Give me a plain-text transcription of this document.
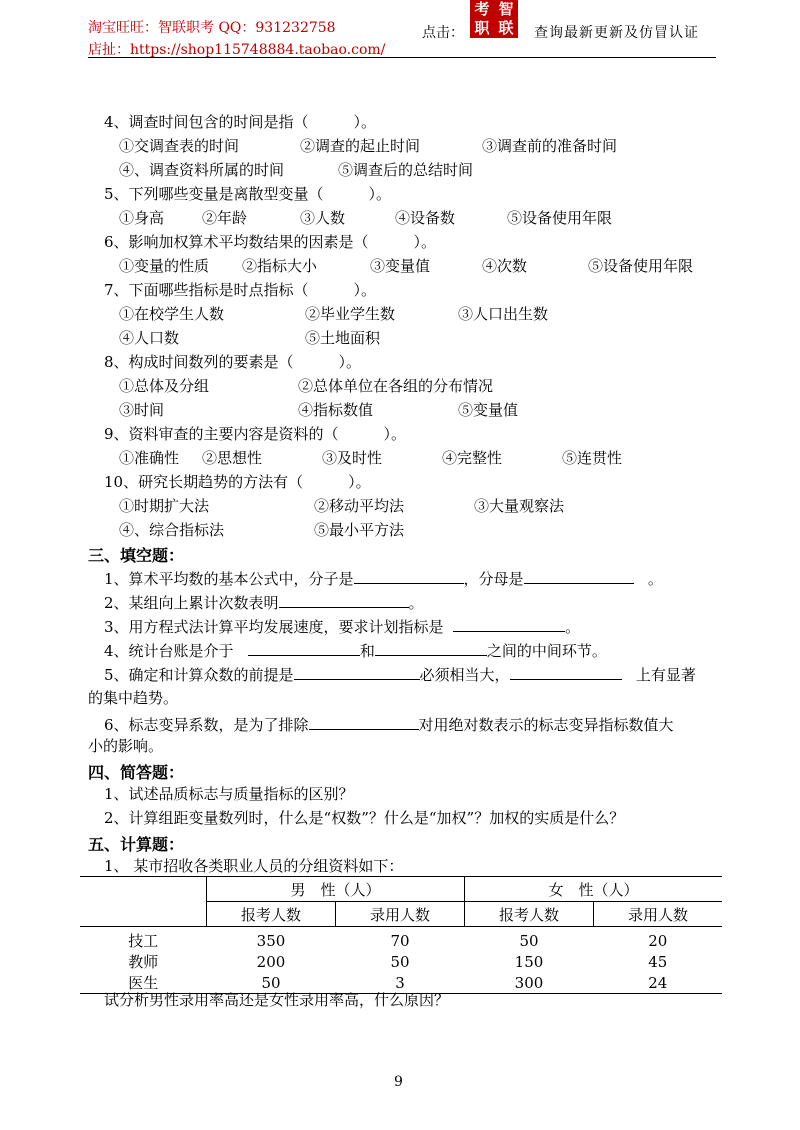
淘宝旺旺：智联职考 QQ：931232758
店扯：https://shop115748884.taobao.com/
点击：
考 智
职 联	查询最新更新及仿冒认证
4、调查时间包含的时间是指（　　　）。
①交调查表的时间	②调查的起止时间	③调查前的准备时间
④、调查资料所属的时间	⑤调查后的总结时间
5、下列哪些变量是离散型变量（　　　）。
①身高	②年龄	③人数	④设备数	⑤设备使用年限
6、影响加权算术平均数结果的因素是（　　　）。
①变量的性质 ②指标大小	③变量值	④次数	⑤设备使用年限
7、下面哪些指标是时点指标（　　　）。
①在校学生人数	②毕业学生数	③人口出生数
④人口数	⑤土地面积
8、构成时间数列的要素是（　　　）。
①总体及分组	②总体单位在各组的分布情况
③时间	④指标数值	⑤变量值
9、资料审查的主要内容是资料的（　　　）。
①准确性 ②思想性	③及时性	④完整性	⑤连贯性
10、研究长期趋势的方法有（　　　）。
①时期扩大法	②移动平均法	③大量观察法
④、综合指标法	⑤最小平方法
三、填空题：
1、算术平均数的基本公式中，分子是	，分母是	。
2、某组向上累计次数表明	。
3、用方程式法计算平均发展速度，要求计划指标是	。
4、统计台账是介于	和	之间的中间环节。
5、确定和计算众数的前提是	必须相当大，	上有显著
的集中趋势。
6、标志变异系数，是为了排除	对用绝对数表示的标志变异指标数值大
小的影响。
四、简答题：
1、试述品质标志与质量指标的区别？
2、计算组距变量数列时，什么是“权数”？什么是“加权”？加权的实质是什么？
五、计算题：
1、 某市招收各类职业人员的分组资料如下：
	男　性（人）		女　性（人）	
	报考人数	录用人数	报考人数	录用人数
技工	350	70	50	20
教师	200	50	150	45
医生	50	3	300	24
试分析男性录用率高还是女性录用率高，什么原因？
9
